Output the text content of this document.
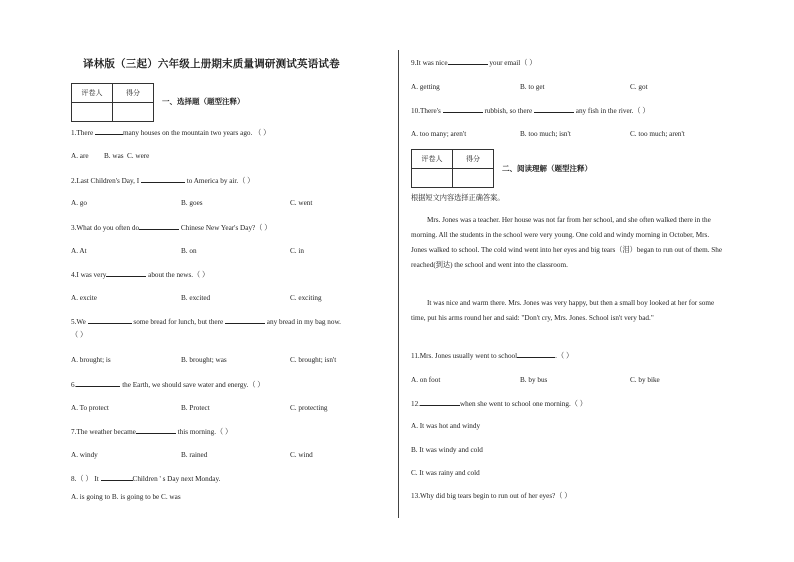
译林版（三起）六年级上册期末质量调研测试英语试卷
评卷人	得分

一、选择题（题型注释）
1.There	many houses on the mountain two years ago. （ ）
A. are B. was C. were
2.Last Children's Day, I	to America by air.（ ）
A. go	B. goes	C. went
3.What do you often do	Chinese New Year's Day?（ ）
A. At	B. on	C. in
4.I was very	about the news.（ ）
A. excite	B. excited	C. exciting
5.We	some bread for lunch, but there	any bread in my bag now.
（ ）
A. brought; is	B. brought; was	C. brought; isn't
6.	the Earth, we should save water and energy.（ ）
A. To protect	B. Protect	C. protecting
7.The weather became	this morning.（ ）
A. windy	B. rained	C. wind
8.（ ） It	Children ' s Day next Monday.
A. is going to B. is going to be C. was
9.It was nice	your email（ ）
A. getting	B. to get	C. got
10.There's	rubbish, so there	any fish in the river.（ ）
A. too many; aren't	B. too much; isn't	C. too much; aren't
评卷人	得分

二、阅读理解（题型注释）
根据短文内容选择正确答案。
Mrs. Jones was a teacher. Her house was not far from her school, and she often walked there in the morning. All the students in the school were very young. One cold and windy morning in October, Mrs. Jones walked to school. The cold wind went into her eyes and big tears（泪）began to run out of them. She reached(到达) the school and went into the classroom.
It was nice and warm there. Mrs. Jones was very happy, but then a small boy looked at her for some time, put his arms round her and said: "Don't cry, Mrs. Jones. School isn't very bad."
11.Mrs. Jones usually went to school	.（ ）
A. on foot	B. by bus	C. by bike
12.	when she went to school one morning.（ ）
A. It was hot and windy
B. It was windy and cold
C. It was rainy and cold
13.Why did big tears begin to run out of her eyes?（ ）
